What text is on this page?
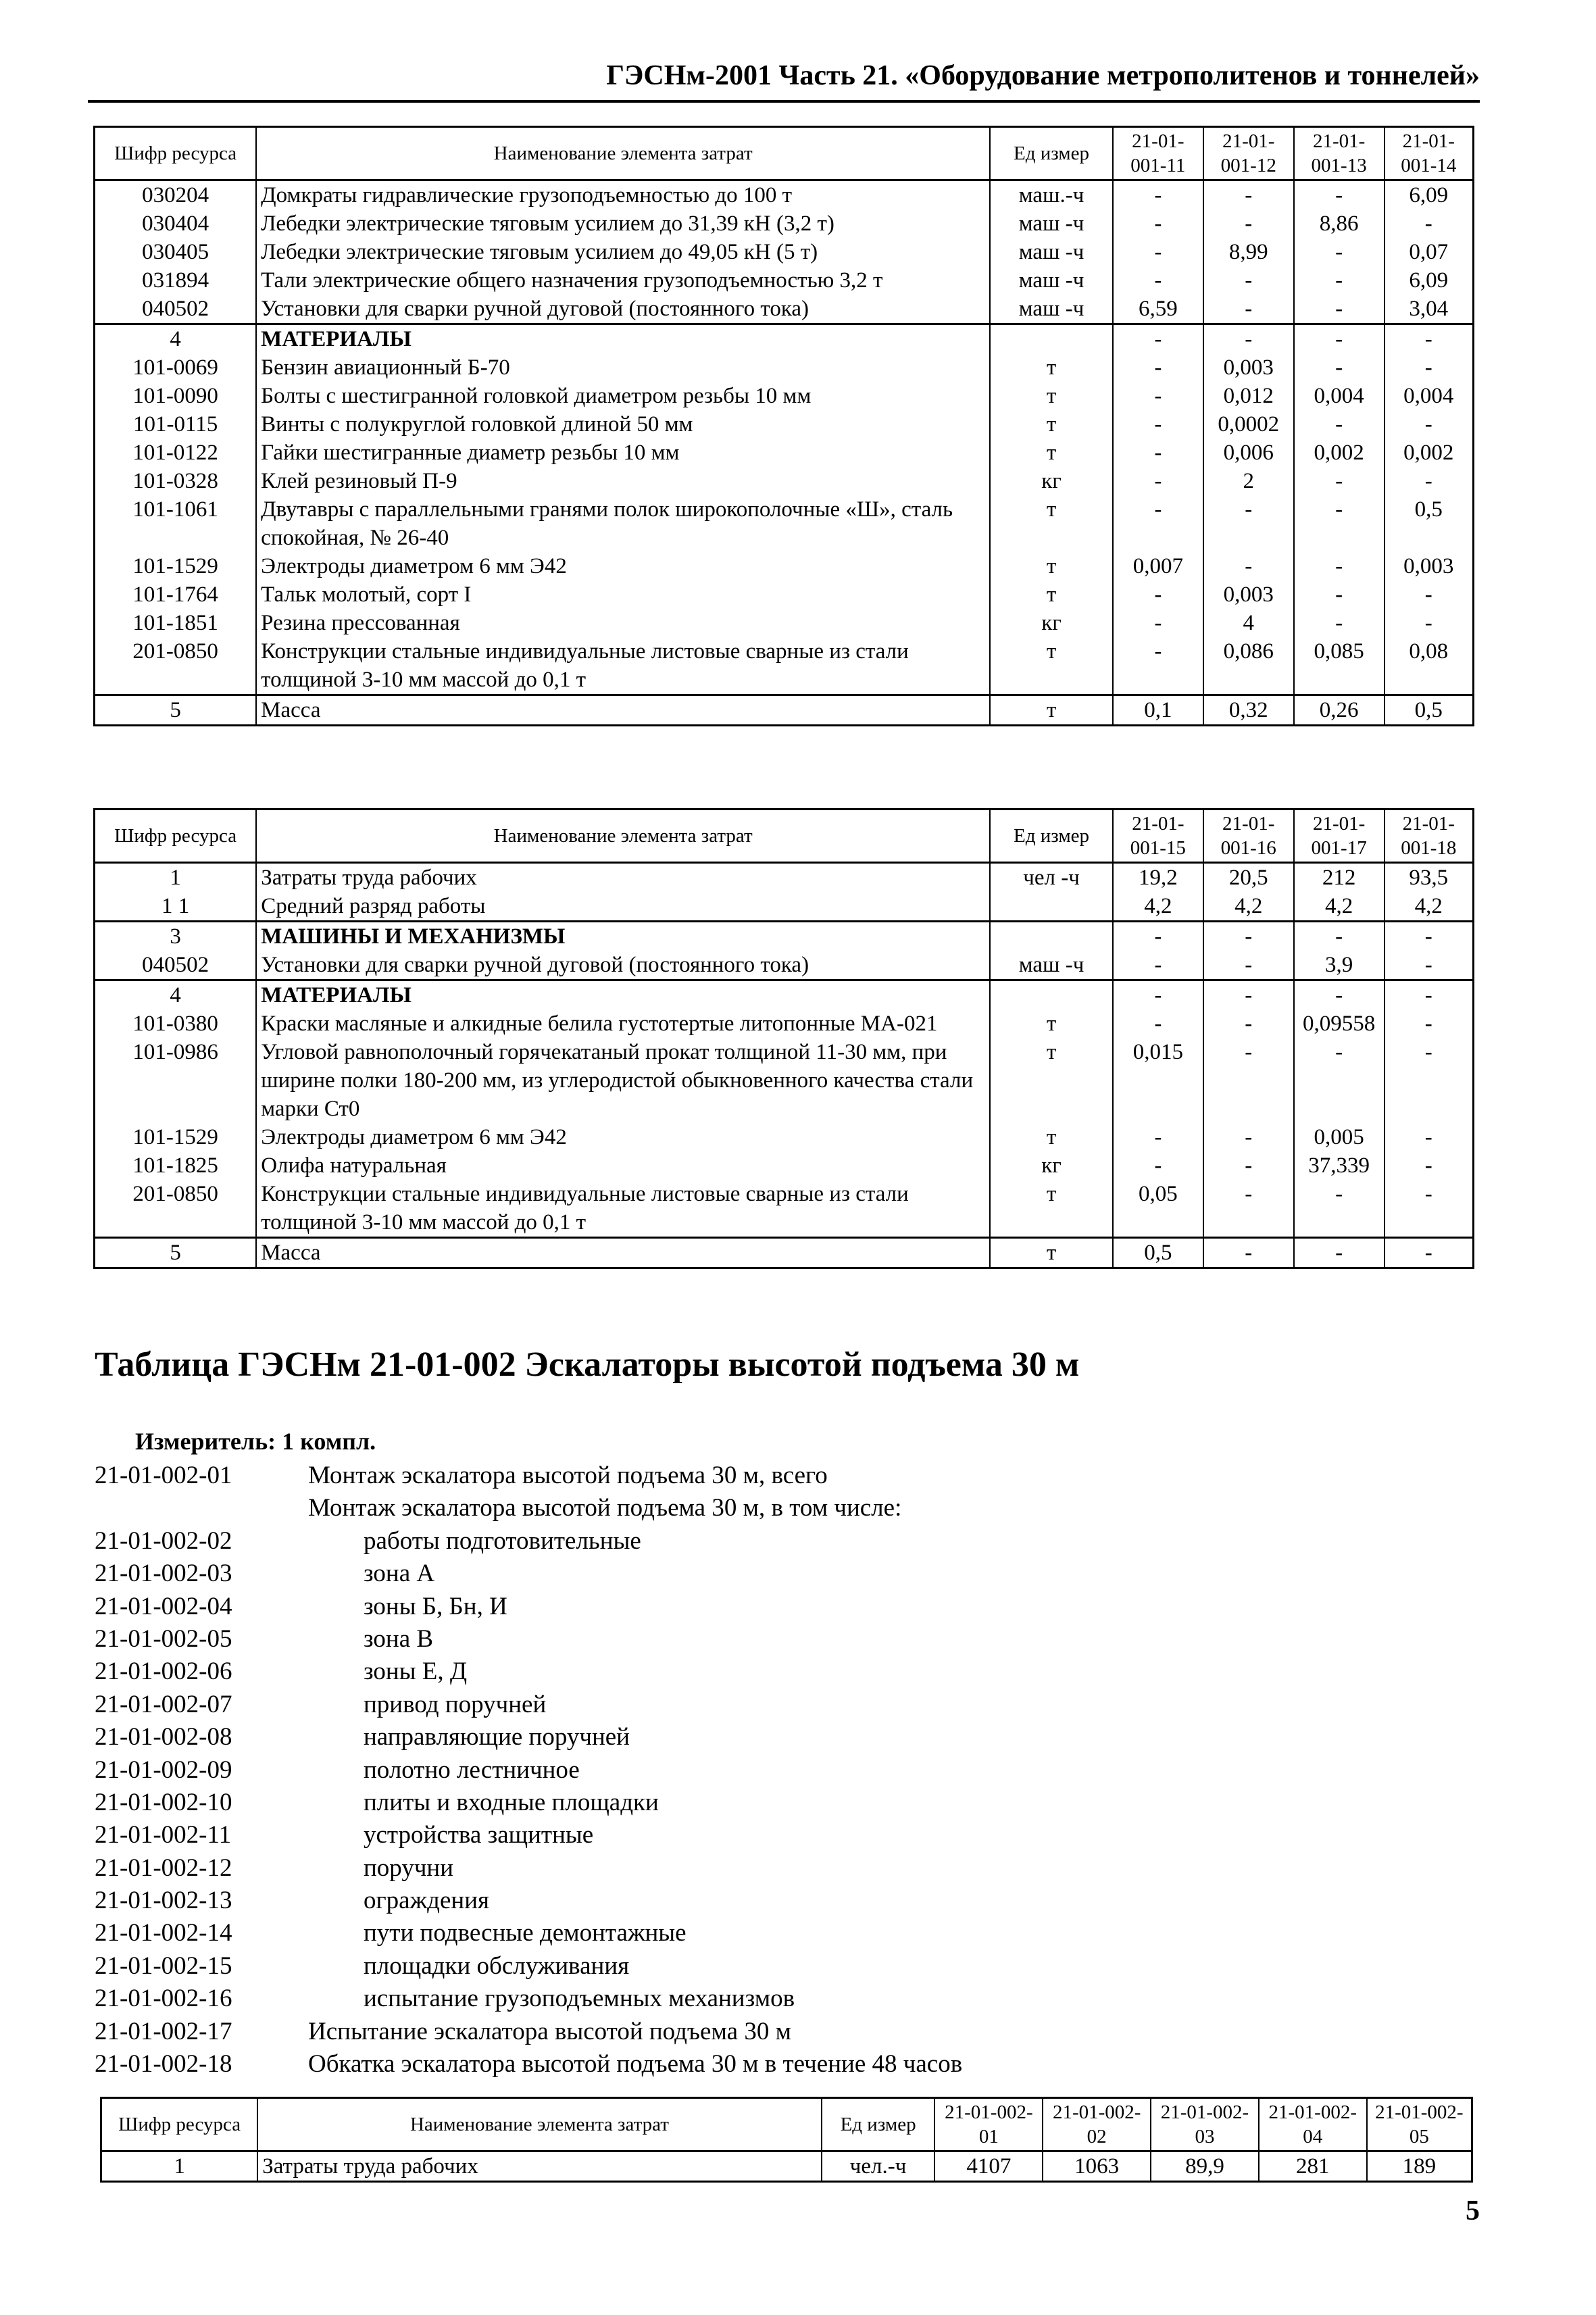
ГЭСНм-2001 Часть 21. «Оборудование метрополитенов и тоннелей»
Шифр ресурса	Наименование элемента затрат	Ед измер	21-01-001-11	21-01-001-12	21-01-001-13	21-01-001-14
030204	Домкраты гидравлические грузоподъемностью до 100 т	маш.-ч	-	-	-	6,09
030404	Лебедки электрические тяговым усилием до 31,39 кН (3,2 т)	маш -ч	-	-	8,86	-
030405	Лебедки электрические тяговым усилием до 49,05 кН (5 т)	маш -ч	-	8,99	-	0,07
031894	Тали электрические общего назначения грузоподъемностью 3,2 т	маш -ч	-	-	-	6,09
040502	Установки для сварки ручной дуговой (постоянного тока)	маш -ч	6,59	-	-	3,04
4	МАТЕРИАЛЫ		-	-	-	-
101-0069	Бензин авиационный Б-70	т	-	0,003	-	-
101-0090	Болты с шестигранной головкой диаметром резьбы 10 мм	т	-	0,012	0,004	0,004
101-0115	Винты с полукруглой головкой длиной 50 мм	т	-	0,0002	-	-
101-0122	Гайки шестигранные диаметр резьбы 10 мм	т	-	0,006	0,002	0,002
101-0328	Клей резиновый П-9	кг	-	2	-	-
101-1061	Двутавры с параллельными гранями полок широкополочные «Ш», сталь спокойная, № 26-40	т	-	-	-	0,5
101-1529	Электроды диаметром 6 мм Э42	т	0,007	-	-	0,003
101-1764	Тальк молотый, сорт I	т	-	0,003	-	-
101-1851	Резина прессованная	кг	-	4	-	-
201-0850	Конструкции стальные индивидуальные листовые сварные из стали толщиной 3-10 мм массой до 0,1 т	т	-	0,086	0,085	0,08
5	Масса	т	0,1	0,32	0,26	0,5
Шифр ресурса	Наименование элемента затрат	Ед измер	21-01-001-15	21-01-001-16	21-01-001-17	21-01-001-18
1	Затраты труда рабочих	чел -ч	19,2	20,5	212	93,5
1 1	Средний разряд работы		4,2	4,2	4,2	4,2
3	МАШИНЫ И МЕХАНИЗМЫ		-	-	-	-
040502	Установки для сварки ручной дуговой (постоянного тока)	маш -ч	-	-	3,9	-
4	МАТЕРИАЛЫ		-	-	-	-
101-0380	Краски масляные и алкидные белила густотертые литопонные МА-021	т	-	-	0,09558	-
101-0986	Угловой равнополочный горячекатаный прокат толщиной 11-30 мм, при ширине полки 180-200 мм, из углеродистой обыкновенного качества стали марки Ст0	т	0,015	-	-	-
101-1529	Электроды диаметром 6 мм Э42	т	-	-	0,005	-
101-1825	Олифа натуральная	кг	-	-	37,339	-
201-0850	Конструкции стальные индивидуальные листовые сварные из стали толщиной 3-10 мм массой до 0,1 т	т	0,05	-	-	-
5	Масса	т	0,5	-	-	-
Таблица ГЭСНм 21-01-002 Эскалаторы высотой подъема 30 м
Измеритель: 1 компл.
21-01-002-01	Монтаж эскалатора высотой подъема 30 м, всего
Монтаж эскалатора высотой подъема 30 м, в том числе:
21-01-002-02	работы подготовительные
21-01-002-03	зона А
21-01-002-04	зоны Б, Бн, И
21-01-002-05	зона В
21-01-002-06	зоны Е, Д
21-01-002-07	привод поручней
21-01-002-08	направляющие поручней
21-01-002-09	полотно лестничное
21-01-002-10	плиты и входные площадки
21-01-002-11	устройства защитные
21-01-002-12	поручни
21-01-002-13	ограждения
21-01-002-14	пути подвесные демонтажные
21-01-002-15	площадки обслуживания
21-01-002-16	испытание грузоподъемных механизмов
21-01-002-17	Испытание эскалатора высотой подъема 30 м
21-01-002-18	Обкатка эскалатора высотой подъема 30 м в течение 48 часов
Шифр ресурса	Наименование элемента затрат	Ед измер	21-01-002-01	21-01-002-02	21-01-002-03	21-01-002-04	21-01-002-05
1	Затраты труда рабочих	чел.-ч	4107	1063	89,9	281	189
5
